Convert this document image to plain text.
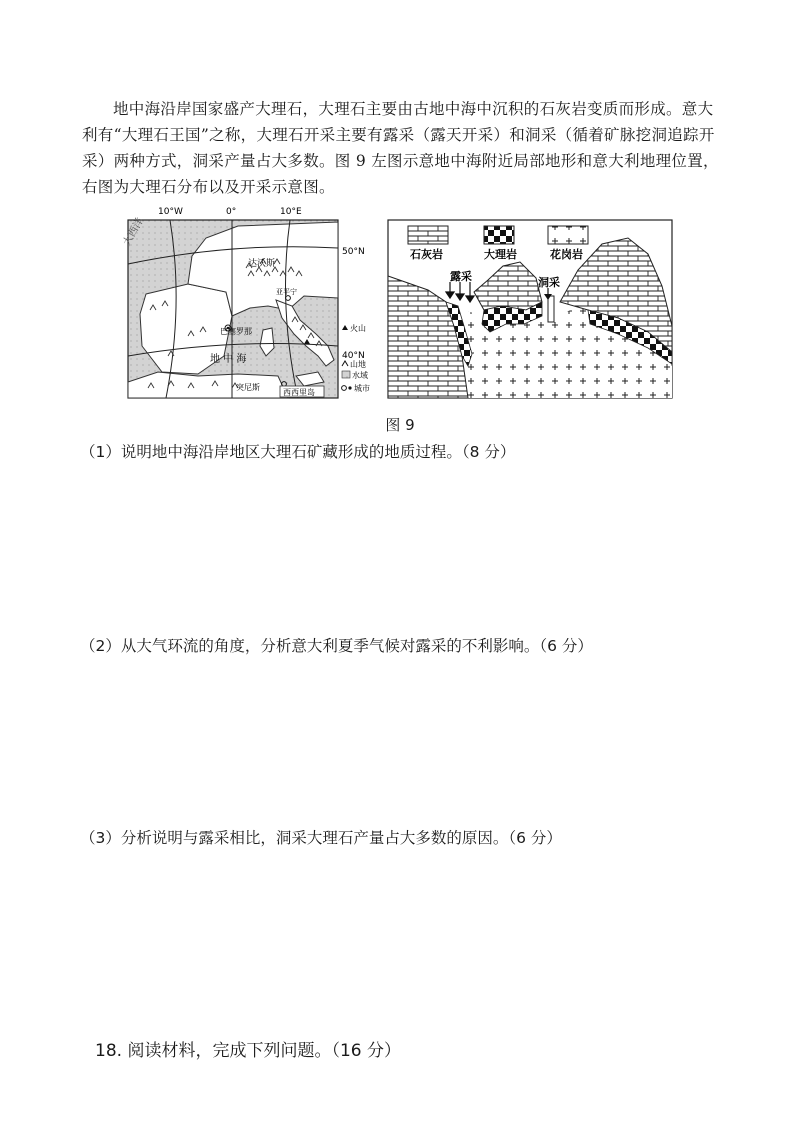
地中海沿岸国家盛产大理石，大理石主要由古地中海中沉积的石灰岩变质而形成。意大利有“大理石王国”之称，大理石开采主要有露采（露天开采）和洞采（循着矿脉挖洞追踪开采）两种方式，洞采产量占大多数。图 9 左图示意地中海附近局部地形和意大利地理位置，右图为大理石分布以及开采示意图。

10°W	0°	10°E
50°N
40°N
大西洋
地 中 海
达沃斯
亚平宁
巴塞罗那
突尼斯
西西里岛
火山
山地
水域
城市
石灰岩	大理岩	花岗岩
露采	洞采
图 9

（1）说明地中海沿岸地区大理石矿藏形成的地质过程。（8 分）

（2）从大气环流的角度，分析意大利夏季气候对露采的不利影响。（6 分）

（3）分析说明与露采相比，洞采大理石产量占大多数的原因。（6 分）

18. 阅读材料，完成下列问题。（16 分）
